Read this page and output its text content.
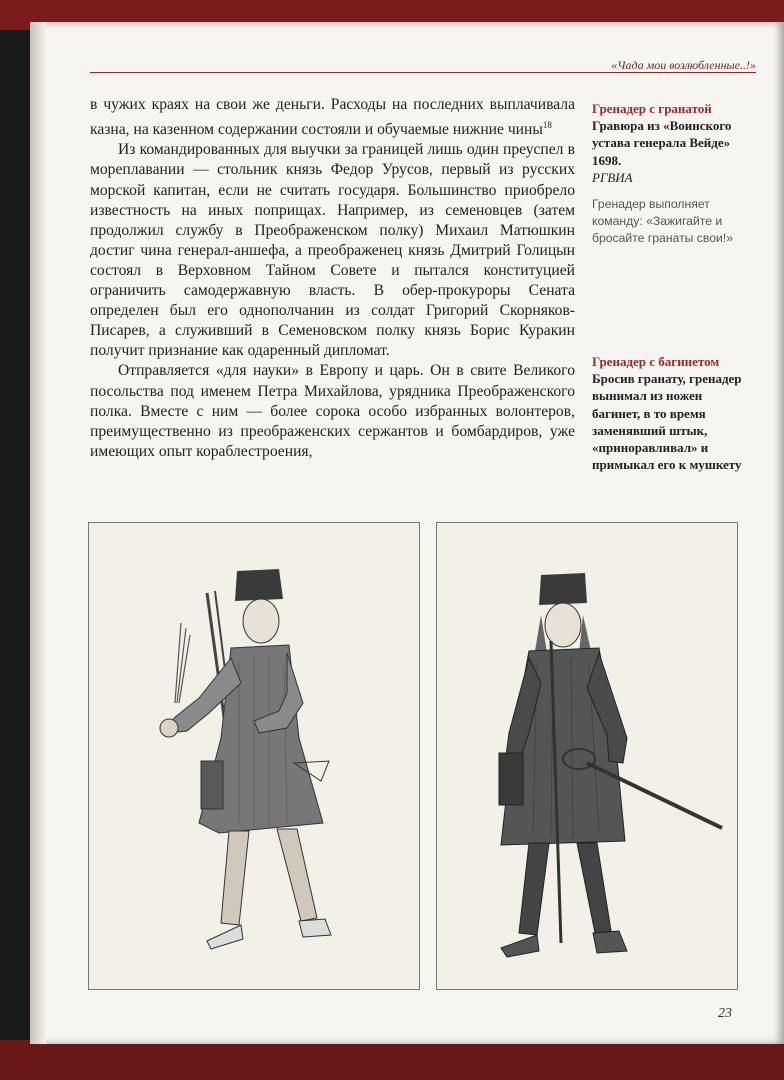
«Чада мои возлюбленные..!»

в чужих краях на свои же деньги. Расходы на последних выплачивала казна, на казенном содержании состояли и обучаемые нижние чины$^{18}$

Из командированных для выучки за границей лишь один преуспел в мореплавании — стольник князь Федор Урусов, первый из русских морской капитан, если не считать государя. Большинство приобрело известность на иных поприщах. Например, из семеновцев (затем продолжил службу в Преображенском полку) Михаил Матюшкин достиг чина генерал-аншефа, а преображенец князь Дмитрий Голицын состоял в Верховном Тайном Совете и пытался конституцией ограничить самодержавную власть. В обер-прокуроры Сената определен был его однополчанин из солдат Григорий Скорняков-Писарев, а служивший в Семеновском полку князь Борис Куракин получит признание как одаренный дипломат.

Отправляется «для науки» в Европу и царь. Он в свите Великого посольства под именем Петра Михайлова, урядника Преображенского полка. Вместе с ним — более сорока особо избранных волонтеров, преимущественно из преображенских сержантов и бомбардиров, уже имеющих опыт кораблестроения,

Гренадер с гранатой
Гравюра из «Воинского устава генерала Вейде» 1698.
РГВИА
Гренадер выполняет команду: «Зажигайте и бросайте гранаты свои!»
Гренадер с багинетом
Бросив гранату, гренадер вынимал из ножен багинет, в то время заменявший штык, «приноравливал» и примыкал его к мушкету
23
